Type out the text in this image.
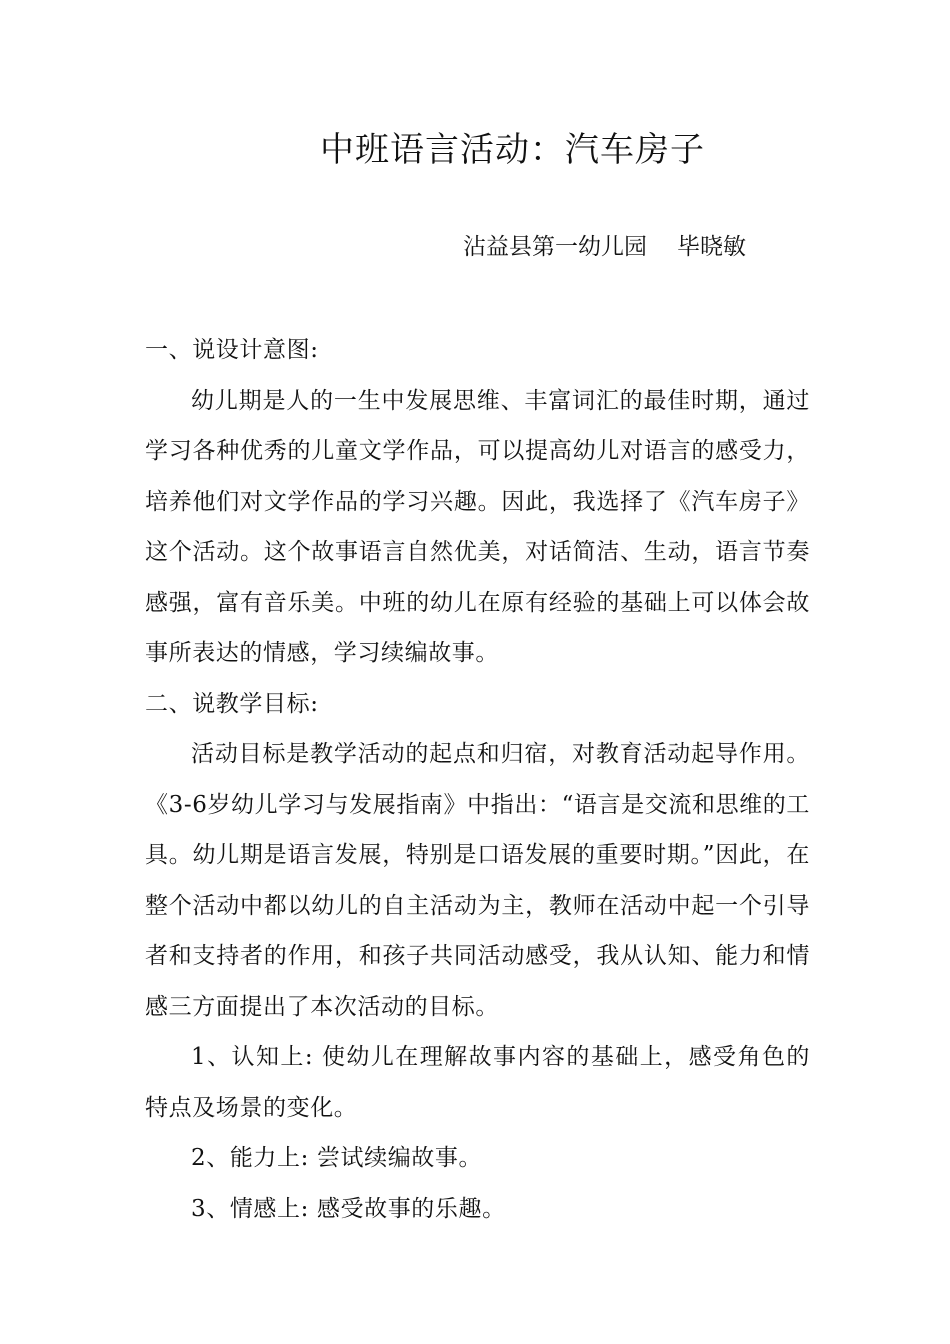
中班语言活动：汽车房子
沾益县第一幼儿园 毕晓敏

一、说设计意图:

幼儿期是人的一生中发展思维、丰富词汇的最佳时期，通过学习各种优秀的儿童文学作品，可以提高幼儿对语言的感受力，培养他们对文学作品的学习兴趣。因此，我选择了《汽车房子》这个活动。这个故事语言自然优美，对话简洁、生动，语言节奏感强，富有音乐美。中班的幼儿在原有经验的基础上可以体会故事所表达的情感，学习续编故事。

二、说教学目标:

活动目标是教学活动的起点和归宿，对教育活动起导作用。《3-6岁幼儿学习与发展指南》中指出：“语言是交流和思维的工具。幼儿期是语言发展，特别是口语发展的重要时期。”因此，在整个活动中都以幼儿的自主活动为主，教师在活动中起一个引导者和支持者的作用，和孩子共同活动感受，我从认知、能力和情感三方面提出了本次活动的目标。

1、认知上: 使幼儿在理解故事内容的基础上，感受角色的特点及场景的变化。

2、能力上: 尝试续编故事。

3、情感上: 感受故事的乐趣。
